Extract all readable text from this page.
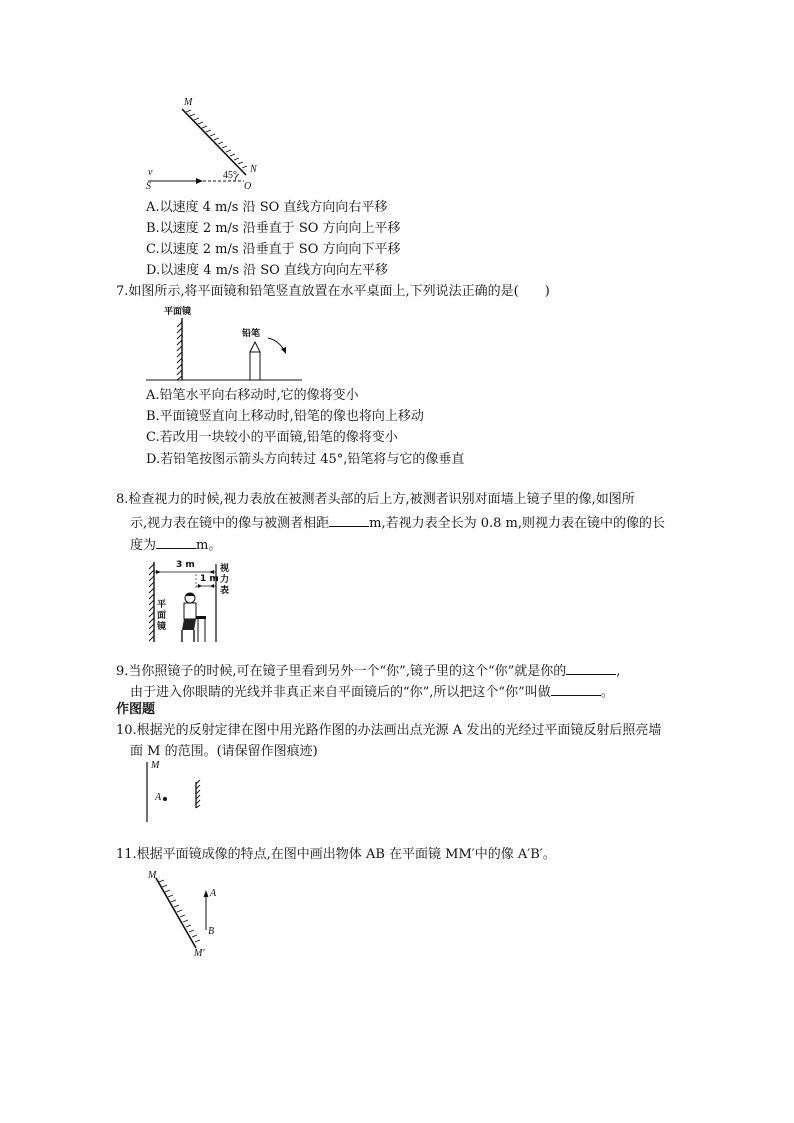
M
N
O
S
v	45°
A.以速度 4 m/s 沿 SO 直线方向向右平移
B.以速度 2 m/s 沿垂直于 SO 方向向上平移
C.以速度 2 m/s 沿垂直于 SO 方向向下平移
D.以速度 4 m/s 沿 SO 直线方向向左平移
7.如图所示,将平面镜和铅笔竖直放置在水平桌面上,下列说法正确的是(　　)
平面镜
铅笔
A.铅笔水平向右移动时,它的像将变小
B.平面镜竖直向上移动时,铅笔的像也将向上移动
C.若改用一块较小的平面镜,铅笔的像将变小
D.若铅笔按图示箭头方向转过 45°,铅笔将与它的像垂直
8.检查视力的时候,视力表放在被测者头部的后上方,被测者识别对面墙上镜子里的像,如图所
示,视力表在镜中的像与被测者相距	m,若视力表全长为 0.8 m,则视力表在镜中的像的长
度为	m。
3 m
1 m
视力表
平面镜
9.当你照镜子的时候,可在镜子里看到另外一个“你”,镜子里的这个“你”就是你的	,
由于进入你眼睛的光线并非真正来自平面镜后的“你”,所以把这个“你”叫做	。
作图题
10.根据光的反射定律在图中用光路作图的办法画出点光源 A 发出的光经过平面镜反射后照亮墙
面 M 的范围。(请保留作图痕迹)
M
A
11.根据平面镜成像的特点,在图中画出物体 AB 在平面镜 MM′中的像 A′B′。
M
M′
A
B
